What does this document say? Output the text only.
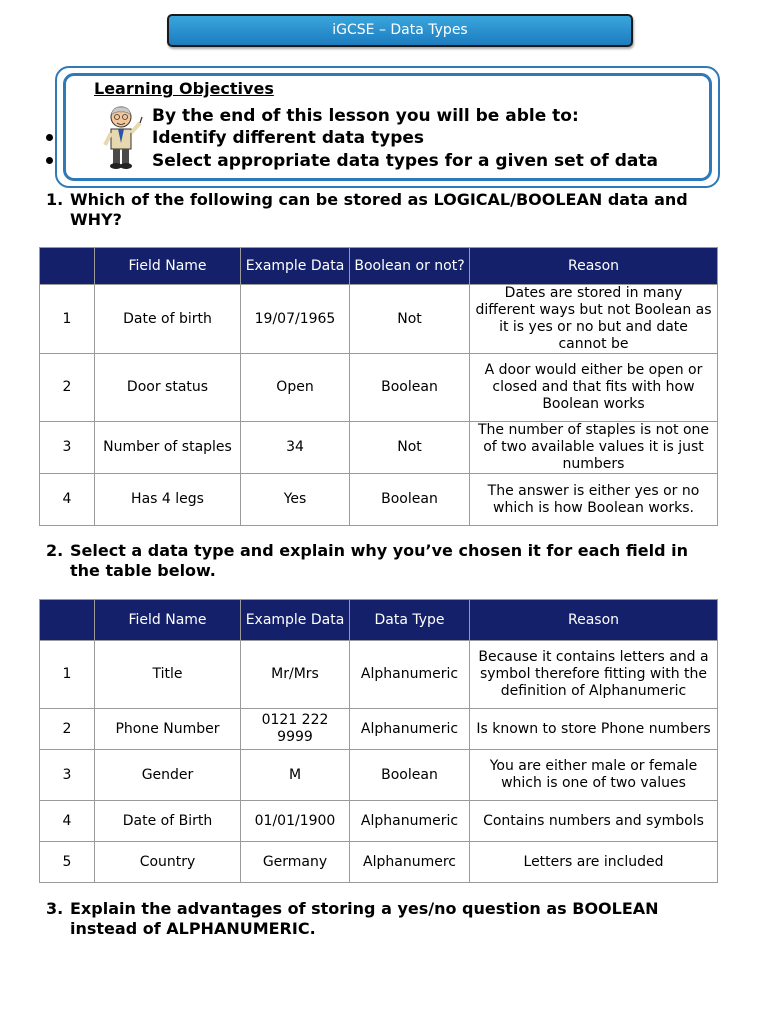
iGCSE – Data Types
Learning Objectives
By the end of this lesson you will be able to:
Identify different data types
Select appropriate data types for a given set of data
1. Which of the following can be stored as LOGICAL/BOOLEAN data and WHY?
	Field Name	Example Data	Boolean or not?	Reason
1	Date of birth	19/07/1965	Not	Dates are stored in many different ways but not Boolean as it is yes or no but and date cannot be
2	Door status	Open	Boolean	A door would either be open or closed and that fits with how Boolean works
3	Number of staples	34	Not	The number of staples is not one of two available values it is just numbers
4	Has 4 legs	Yes	Boolean	The answer is either yes or no which is how Boolean works.
2. Select a data type and explain why you’ve chosen it for each field in the table below.
	Field Name	Example Data	Data Type	Reason
1	Title	Mr/Mrs	Alphanumeric	Because it contains letters and a symbol therefore fitting with the definition of Alphanumeric
2	Phone Number	0121 222 9999	Alphanumeric	Is known to store Phone numbers
3	Gender	M	Boolean	You are either male or female which is one of two values
4	Date of Birth	01/01/1900	Alphanumeric	Contains numbers and symbols
5	Country	Germany	Alphanumerc	Letters are included
3. Explain the advantages of storing a yes/no question as BOOLEAN instead of ALPHANUMERIC.
